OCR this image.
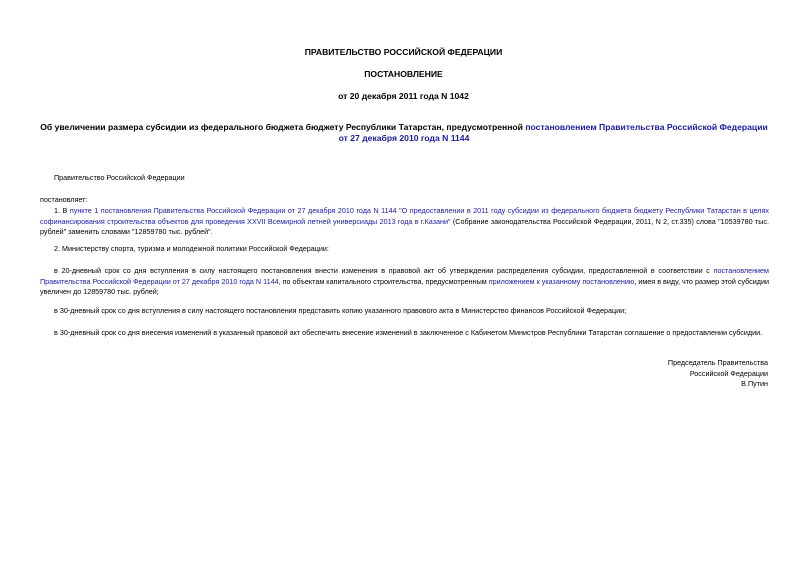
ПРАВИТЕЛЬСТВО РОССИЙСКОЙ ФЕДЕРАЦИИ
ПОСТАНОВЛЕНИЕ
от 20 декабря 2011 года N 1042
Об увеличении размера субсидии из федерального бюджета бюджету Республики Татарстан, предусмотренной постановлением Правительства Российской Федерации от 27 декабря 2010 года N 1144
Правительство Российской Федерации
постановляет:
1. В пункте 1 постановления Правительства Российской Федерации от 27 декабря 2010 года N 1144 "О предоставлении в 2011 году субсидии из федерального бюджета бюджету Республики Татарстан в целях софинансирования строительства объектов для проведения XXVII Всемирной летней универсиады 2013 года в г.Казани" (Собрание законодательства Российской Федерации, 2011, N 2, ст.335) слова "10539780 тыс. рублей" заменить словами "12859780 тыс. рублей".
2. Министерству спорта, туризма и молодежной политики Российской Федерации:
в 20-дневный срок со дня вступления в силу настоящего постановления внести изменения в правовой акт об утверждении распределения субсидии, предоставленной в соответствии с постановлением Правительства Российской Федерации от 27 декабря 2010 года N 1144, по объектам капитального строительства, предусмотренным приложением к указанному постановлению, имея в виду, что размер этой субсидии увеличен до 12859780 тыс. рублей;
в 30-дневный срок со дня вступления в силу настоящего постановления представить копию указанного правового акта в Министерство финансов Российской Федерации;
в 30-дневный срок со дня внесения изменений в указанный правовой акт обеспечить внесение изменений в заключенное с Кабинетом Министров Республики Татарстан соглашение о предоставлении субсидии.
Председатель Правительства
Российской Федерации
В.Путин
